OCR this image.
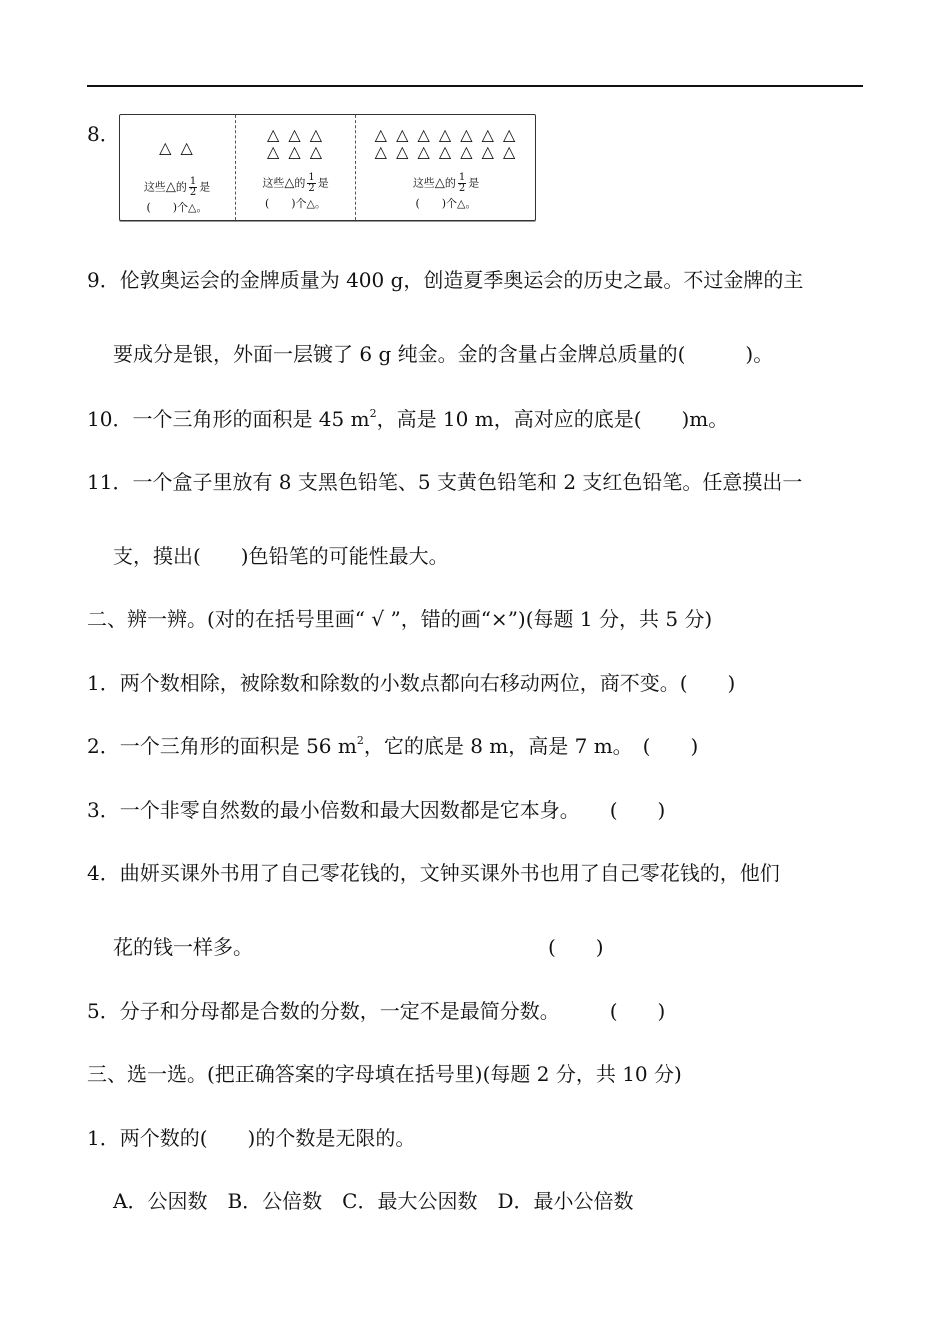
8．
△ △
这些△的 $\frac{1}{2}$ 是
(　　)个△。
△ △ △
△ △ △
这些△的 $\frac{1}{2}$ 是
(　　)个△。
△ △ △ △ △ △ △
△ △ △ △ △ △ △
这些△的 $\frac{1}{2}$ 是
(　　)个△。
9．伦敦奥运会的金牌质量为 400 g，创造夏季奥运会的历史之最。不过金牌的主
要成分是银，外面一层镀了 6 g 纯金。金的含量占金牌总质量的(　　　)。
10．一个三角形的面积是 45 $m^2$，高是 10 m，高对应的底是(　　)m。
11．一个盒子里放有 8 支黑色铅笔、5 支黄色铅笔和 2 支红色铅笔。任意摸出一
支，摸出(　　)色铅笔的可能性最大。
二、辨一辨。(对的在括号里画“ √ ”，错的画“×”)(每题 1 分，共 5 分)
1．两个数相除，被除数和除数的小数点都向右移动两位，商不变。(　　)
2．一个三角形的面积是 56 $m^2$，它的底是 8 m，高是 7 m。　(　　)
3．一个非零自然数的最小倍数和最大因数都是它本身。　　(　　)
4．曲妍买课外书用了自己零花钱的，文钟买课外书也用了自己零花钱的，他们
花的钱一样多。	(　　)
5．分子和分母都是合数的分数，一定不是最简分数。　　　(　　)
三、选一选。(把正确答案的字母填在括号里)(每题 2 分，共 10 分)
1．两个数的(　　)的个数是无限的。
A．公因数　B．公倍数　C．最大公因数　D．最小公倍数
